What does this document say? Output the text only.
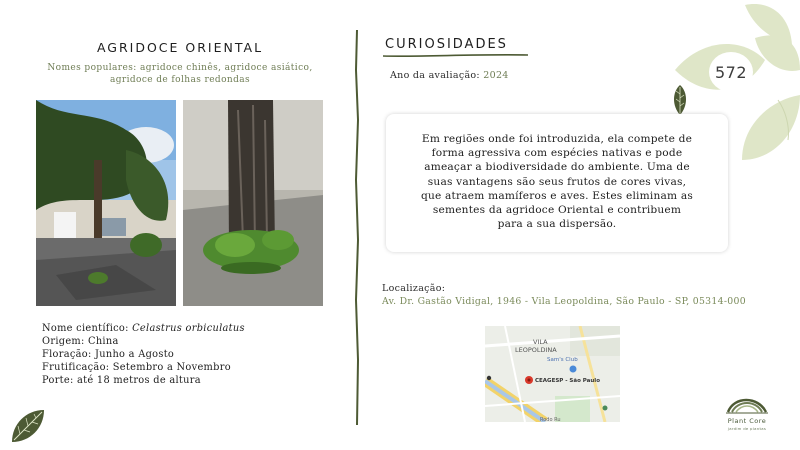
572
AGRIDOCE ORIENTAL
Nomes populares: agridoce chinês, agridoce asiático,
agridoce de folhas redondas
Nome científico: Celastrus orbiculatus
Origem: China
Floração: Junho a Agosto
Frutificação: Setembro a Novembro
Porte: até 18 metros de altura
CURIOSIDADES
Ano da avaliação: 2024
Em regiões onde foi introduzida, ela compete de
forma agressiva com espécies nativas e pode
ameaçar a biodiversidade do ambiente. Uma de
suas vantagens são seus frutos de cores vivas,
que atraem mamíferos e aves. Estes eliminam as
sementes da agridoce Oriental e contribuem
para a sua dispersão.
Localização:
Av. Dr. Gastão Vidigal, 1946 - Vila Leopoldina, São Paulo - SP, 05314-000
VILA
LEOPOLDINA
Sam's Club
CEAGESP - São Paulo
Rodo Ru	Plant Core
jardim de plantas
